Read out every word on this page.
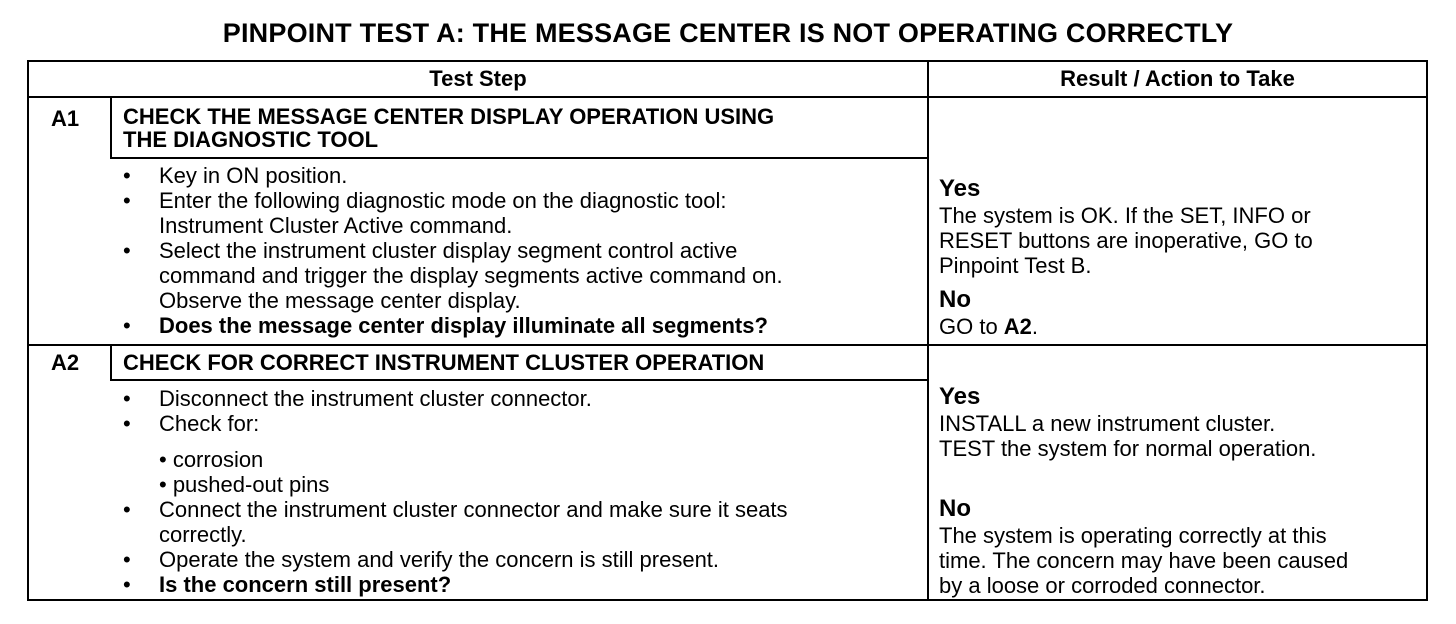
PINPOINT TEST A: THE MESSAGE CENTER IS NOT OPERATING CORRECTLY
Test Step	Result / Action to Take
A1 CHECK THE MESSAGE CENTER DISPLAY OPERATION USING
THE DIAGNOSTIC TOOL
• Key in ON position.
• Enter the following diagnostic mode on the diagnostic tool:
Instrument Cluster Active command.
• Select the instrument cluster display segment control active
command and trigger the display segments active command on.
Observe the message center display.
• Does the message center display illuminate all segments?
Yes
The system is OK. If the SET, INFO or
RESET buttons are inoperative, GO to
Pinpoint Test B.
No
GO to A2.
A2 CHECK FOR CORRECT INSTRUMENT CLUSTER OPERATION
• Disconnect the instrument cluster connector.
• Check for:
• corrosion
• pushed-out pins
• Connect the instrument cluster connector and make sure it seats
correctly.
• Operate the system and verify the concern is still present.
• Is the concern still present?
Yes
INSTALL a new instrument cluster.
TEST the system for normal operation.
No
The system is operating correctly at this
time. The concern may have been caused
by a loose or corroded connector.
